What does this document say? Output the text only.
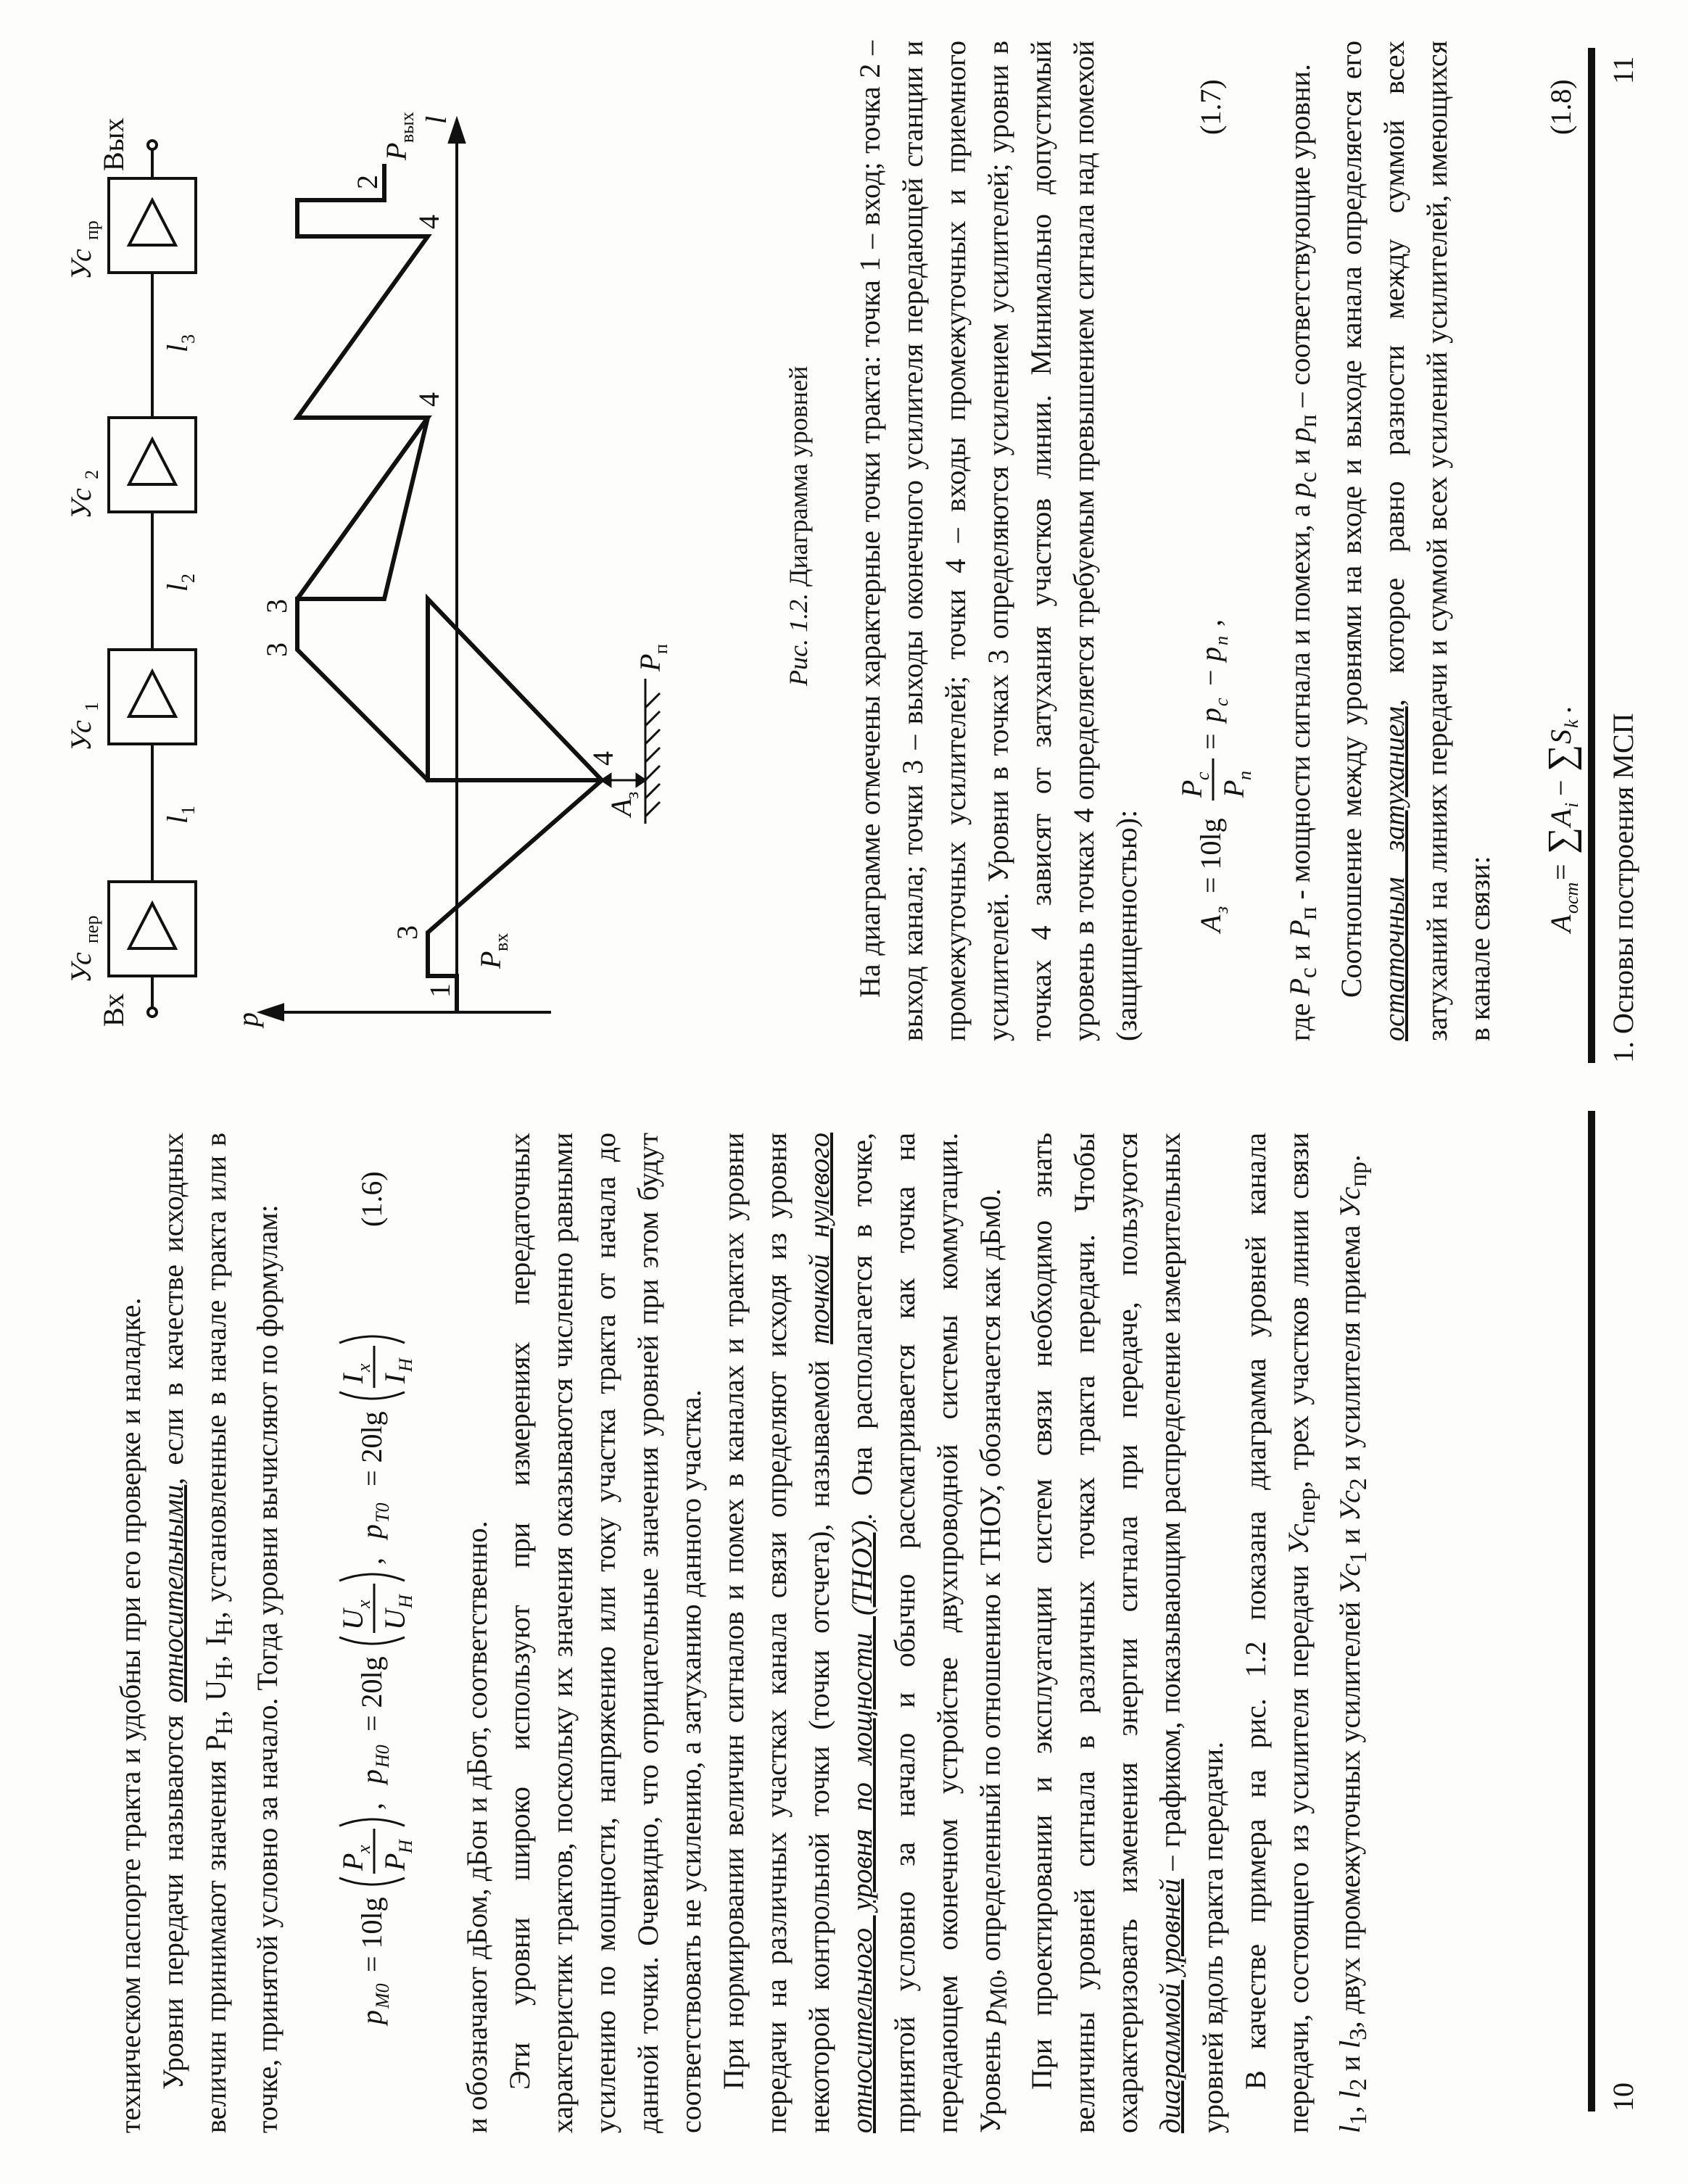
техническом паспорте тракта и удобны при его проверке и наладке. Уровни передачи называются относительными, если в качестве исходных величин принимают значения $P_Н$, $U_Н$, $I_Н$, установленные в начале тракта или в точке, принятой условно за начало. Тогда уровни вычисляют по формулам: p
М0
= 10lg
P
x
P
Н
,
p
Н0
= 20lg
U
x
U
Н
,
p
Т0
= 20lg
I
x
I
Н
(1.6)

и обозначают дБом, дБон и дБот, соответственно. Эти уровни широко используют при измерениях передаточных характеристик трактов, поскольку их значения оказываются численно равными усилению по мощности, напряжению или току участка тракта от начала до данной точки. Очевидно, что отрицательные значения уровней при этом будут соответствовать не усилению, а затуханию данного участка. При нормировании величин сигналов и помех в каналах и трактах уровни передачи на различных участках канала связи определяют исходя из уровня некоторой контрольной точки (точки отсчета), называемой точкой нулевого относительного уровня по мощности (ТНОУ). Она располагается в точке, принятой условно за начало и обычно рассматривается как точка на передающем оконечном устройстве двухпроводной системы коммутации. Уровень $p_{М0}$, определенный по отношению к ТНОУ, обозначается как дБм0. При проектировании и эксплуатации систем связи необходимо знать величины уровней сигнала в различных точках тракта передачи. Чтобы охарактеризовать изменения энергии сигнала при передаче, пользуются диаграммой уровней – графиком, показывающим распределение измерительных уровней вдоль тракта передачи. В качестве примера на рис. 1.2 показана диаграмма уровней канала передачи, состоящего из усилителя передачи $Ус_{пер}$, трех участков линии связи $l_1$, $l_2$ и $l_3$, двух промежуточных усилителей $Ус_1$ и $Ус_2$ и усилителя приема $Ус_{пр}$.

10
Вх
Вых
Ус
пер
Ус
1
Ус
2
Ус
пр
l
1
l
2
l
3
p
l
P
вх
P
вых
P
п
A
з
1
2
3
3
3
4
4
4
Рис. 1.2. Диаграмма уровней На диаграмме отмечены характерные точки тракта: точка 1 – вход; точка 2 – выход канала; точки 3 – выходы оконечного усилителя передающей станции и промежуточных усилителей; точки 4 – входы промежуточных и приемного усилителей. Уровни в точках 3 определяются усилением усилителей; уровни в точках 4 зависят от затухания участков линии. Минимально допустимый уровень в точках 4 определяется требуемым превышением сигнала над помехой (защищенностью): A
з
= 10lg
P
c
P
п
=
p
c
−
p
п
,
(1.7)

где $P_c$ и $P_п$ - мощности сигнала и помехи, а $p_c$ и $p_п$ – соответствующие уровни. Соотношение между уровнями на входе и выходе канала определяется его остаточным затуханием, которое равно разности между суммой всех затуханий на линиях передачи и суммой всех усилений усилителей, имеющихся в канале связи: A
ост
=
∑
A
i
−
∑
S
k
.
(1.8)
1. Основы построения МСП
11
